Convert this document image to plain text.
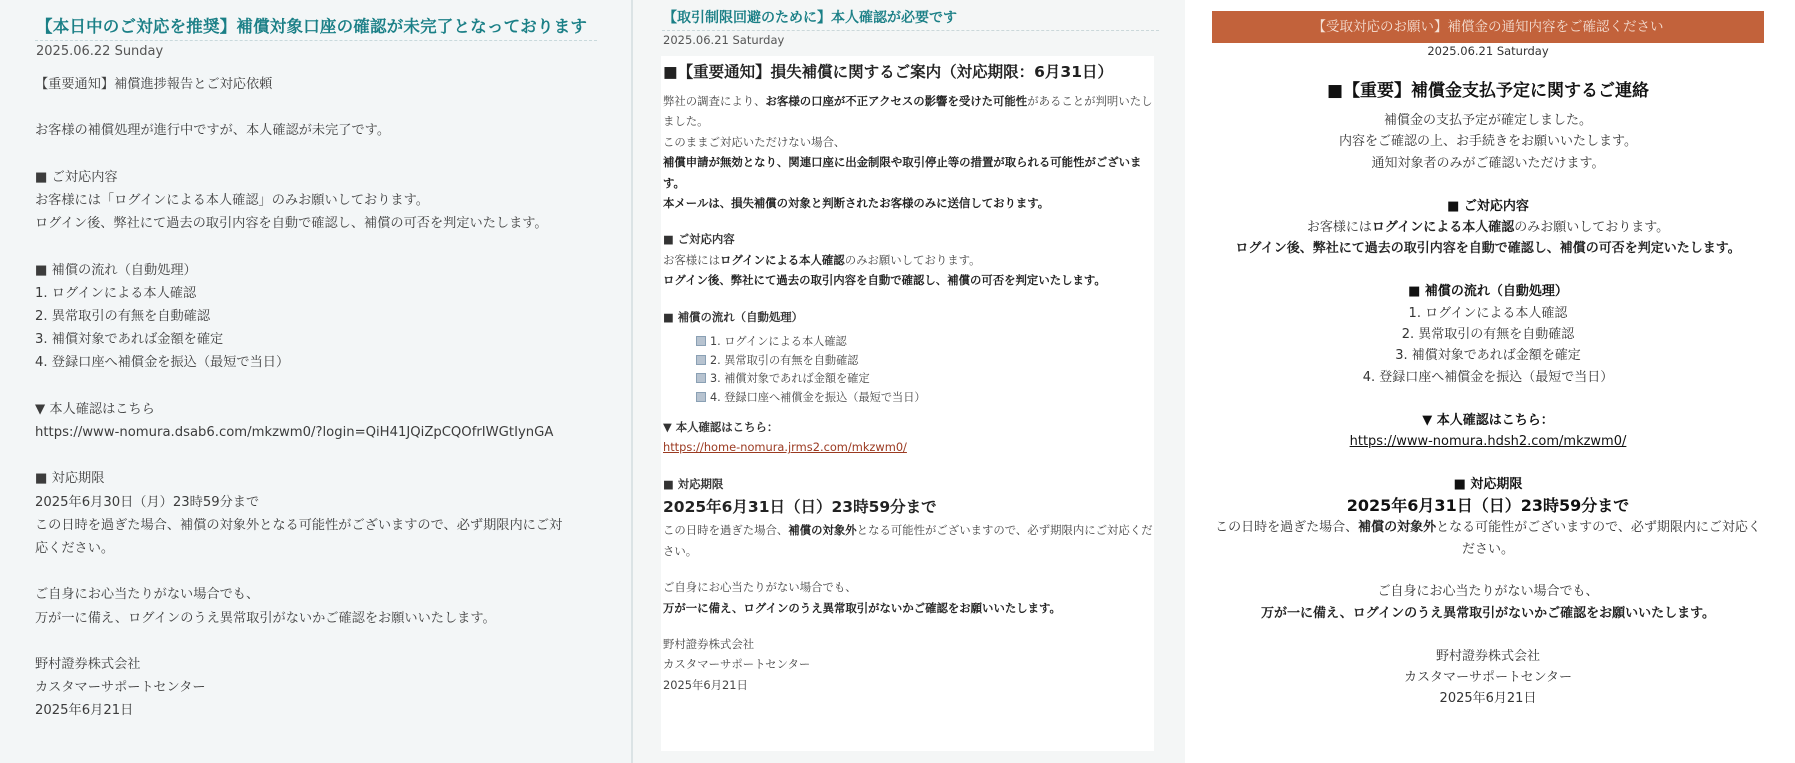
【本日中のご対応を推奨】補償対象口座の確認が未完了となっております
2025.06.22 Sunday

【重要通知】補償進捗報告とご対応依頼

お客様の補償処理が進行中ですが、本人確認が未完了です。

■ ご対応内容

お客様には「ログインによる本人確認」のみお願いしております。

ログイン後、弊社にて過去の取引内容を自動で確認し、補償の可否を判定いたします。

■ 補償の流れ（自動処理）

1. ログインによる本人確認

2. 異常取引の有無を自動確認

3. 補償対象であれば金額を確定

4. 登録口座へ補償金を振込（最短で当日）

▼ 本人確認はこちら

https://www-nomura.dsab6.com/mkzwm0/?login=QiH41JQiZpCQOfrIWGtIynGA

■ 対応期限

2025年6月30日（月）23時59分まで

この日時を過ぎた場合、補償の対象外となる可能性がございますので、必ず期限内にご対

応ください。

ご自身にお心当たりがない場合でも、

万が一に備え、ログインのうえ異常取引がないかご確認をお願いいたします。

野村證券株式会社

カスタマーサポートセンター

2025年6月21日

【取引制限回避のために】本人確認が必要です
2025.06.21 Saturday

■【重要通知】損失補償に関するご案内（対応期限：6月31日）

弊社の調査により、お客様の口座が不正アクセスの影響を受けた可能性があることが判明いたしました。

このままご対応いただけない場合、

補償申請が無効となり、関連口座に出金制限や取引停止等の措置が取られる可能性がございます。

本メールは、損失補償の対象と判断されたお客様のみに送信しております。

■ ご対応内容

お客様にはログインによる本人確認のみお願いしております。

ログイン後、弊社にて過去の取引内容を自動で確認し、補償の可否を判定いたします。

■ 補償の流れ（自動処理）

1. ログインによる本人確認

2. 異常取引の有無を自動確認

3. 補償対象であれば金額を確定

4. 登録口座へ補償金を振込（最短で当日）

▼ 本人確認はこちら：

https://home-nomura.jrms2.com/mkzwm0/

■ 対応期限

2025年6月31日（日）23時59分まで

この日時を過ぎた場合、補償の対象外となる可能性がございますので、必ず期限内にご対応ください。

ご自身にお心当たりがない場合でも、

万が一に備え、ログインのうえ異常取引がないかご確認をお願いいたします。

野村證券株式会社

カスタマーサポートセンター

2025年6月21日

【受取対応のお願い】補償金の通知内容をご確認ください
2025.06.21 Saturday

■【重要】補償金支払予定に関するご連絡

補償金の支払予定が確定しました。

内容をご確認の上、お手続きをお願いいたします。

通知対象者のみがご確認いただけます。

■ ご対応内容

お客様にはログインによる本人確認のみお願いしております。

ログイン後、弊社にて過去の取引内容を自動で確認し、補償の可否を判定いたします。

■ 補償の流れ（自動処理）

1. ログインによる本人確認

2. 異常取引の有無を自動確認

3. 補償対象であれば金額を確定

4. 登録口座へ補償金を振込（最短で当日）

▼ 本人確認はこちら：

https://www-nomura.hdsh2.com/mkzwm0/

■ 対応期限

2025年6月31日（日）23時59分まで

この日時を過ぎた場合、補償の対象外となる可能性がございますので、必ず期限内にご対応ください。

ご自身にお心当たりがない場合でも、

万が一に備え、ログインのうえ異常取引がないかご確認をお願いいたします。

野村證券株式会社

カスタマーサポートセンター

2025年6月21日
